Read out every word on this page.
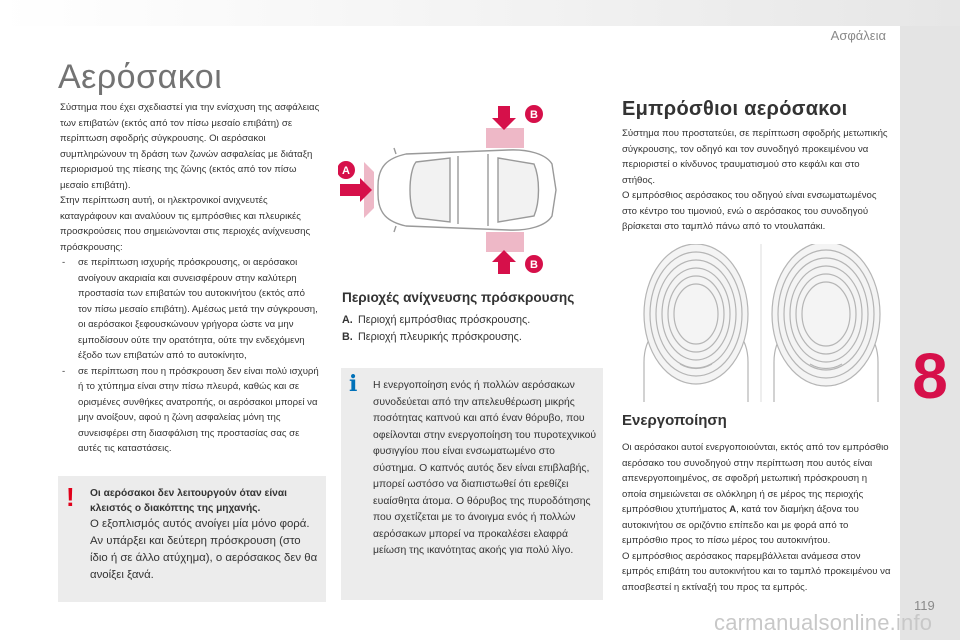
Ασφάλεια
8
Αερόσακοι

Σύστημα που έχει σχεδιαστεί για την ενίσχυση της ασφάλειας των επιβατών (εκτός από τον πίσω μεσαίο επιβάτη) σε περίπτωση σφοδρής σύγκρουσης. Οι αερόσακοι συμπληρώνουν τη δράση των ζωνών ασφαλείας με διάταξη περιορισμού της πίεσης της ζώνης (εκτός από τον πίσω μεσαίο επιβάτη).

Στην περίπτωση αυτή, οι ηλεκτρονικοί ανιχνευτές καταγράφουν και αναλύουν τις εμπρόσθιες και πλευρικές προσκρούσεις που σημειώνονται στις περιοχές ανίχνευσης πρόσκρουσης:

- σε περίπτωση ισχυρής πρόσκρουσης, οι αερόσακοι ανοίγουν ακαριαία και συνεισφέρουν στην καλύτερη προστασία των επιβατών του αυτοκινήτου (εκτός από τον πίσω μεσαίο επιβάτη). Αμέσως μετά την σύγκρουση, οι αερόσακοι ξεφουσκώνουν γρήγορα ώστε να μην εμποδίσουν ούτε την ορατότητα, ούτε την ενδεχόμενη έξοδο των επιβατών από το αυτοκίνητο,
- σε περίπτωση που η πρόσκρουση δεν είναι πολύ ισχυρή ή το χτύπημα είναι στην πίσω πλευρά, καθώς και σε ορισμένες συνθήκες ανατροπής, οι αερόσακοι μπορεί να μην ανοίξουν, αφού η ζώνη ασφαλείας μόνη της συνεισφέρει στη διασφάλιση της προστασίας σας σε αυτές τις καταστάσεις.
! Οι αερόσακοι δεν λειτουργούν όταν είναι κλειστός ο διακόπτης της μηχανής.
Ο εξοπλισμός αυτός ανοίγει μία μόνο φορά. Αν υπάρξει και δεύτερη πρόσκρουση (στο ίδιο ή σε άλλο ατύχημα), ο αερόσακος δεν θα ανοίξει ξανά.
A
B
B
Περιοχές ανίχνευσης πρόσκρουσης
A. Περιοχή εμπρόσθιας πρόσκρουσης.
B. Περιοχή πλευρικής πρόσκρουσης.
i Η ενεργοποίηση ενός ή πολλών αερόσακων συνοδεύεται από την απελευθέρωση μικρής ποσότητας καπνού και από έναν θόρυβο, που οφείλονται στην ενεργοποίηση του πυροτεχνικού φυσιγγίου που είναι ενσωματωμένο στο σύστημα. Ο καπνός αυτός δεν είναι επιβλαβής, μπορεί ωστόσο να διαπιστωθεί ότι ερεθίζει ευαίσθητα άτομα. Ο θόρυβος της πυροδότησης που σχετίζεται με το άνοιγμα ενός ή πολλών αερόσακων μπορεί να προκαλέσει ελαφρά μείωση της ικανότητας ακοής για πολύ λίγο.
Εμπρόσθιοι αερόσακοι

Σύστημα που προστατεύει, σε περίπτωση σφοδρής μετωπικής σύγκρουσης, τον οδηγό και τον συνοδηγό προκειμένου να περιοριστεί ο κίνδυνος τραυματισμού στο κεφάλι και στο στήθος.

Ο εμπρόσθιος αερόσακος του οδηγού είναι ενσωματωμένος στο κέντρο του τιμονιού, ενώ ο αερόσακος του συνοδηγού βρίσκεται στο ταμπλό πάνω από το ντουλαπάκι.

Ενεργοποίηση

Οι αερόσακοι αυτοί ενεργοποιούνται, εκτός από τον εμπρόσθιο αερόσακο του συνοδηγού στην περίπτωση που αυτός είναι απενεργοποιημένος, σε σφοδρή μετωπική πρόσκρουση η οποία σημειώνεται σε ολόκληρη ή σε μέρος της περιοχής εμπρόσθιου χτυπήματος A, κατά τον διαμήκη άξονα του αυτοκινήτου σε οριζόντιο επίπεδο και με φορά από το εμπρόσθιο προς το πίσω μέρος του αυτοκινήτου.

Ο εμπρόσθιος αερόσακος παρεμβάλλεται ανάμεσα στον εμπρός επιβάτη του αυτοκινήτου και το ταμπλό προκειμένου να αποσβεστεί η εκτίναξή του προς τα εμπρός.

119
carmanualsonline.info
